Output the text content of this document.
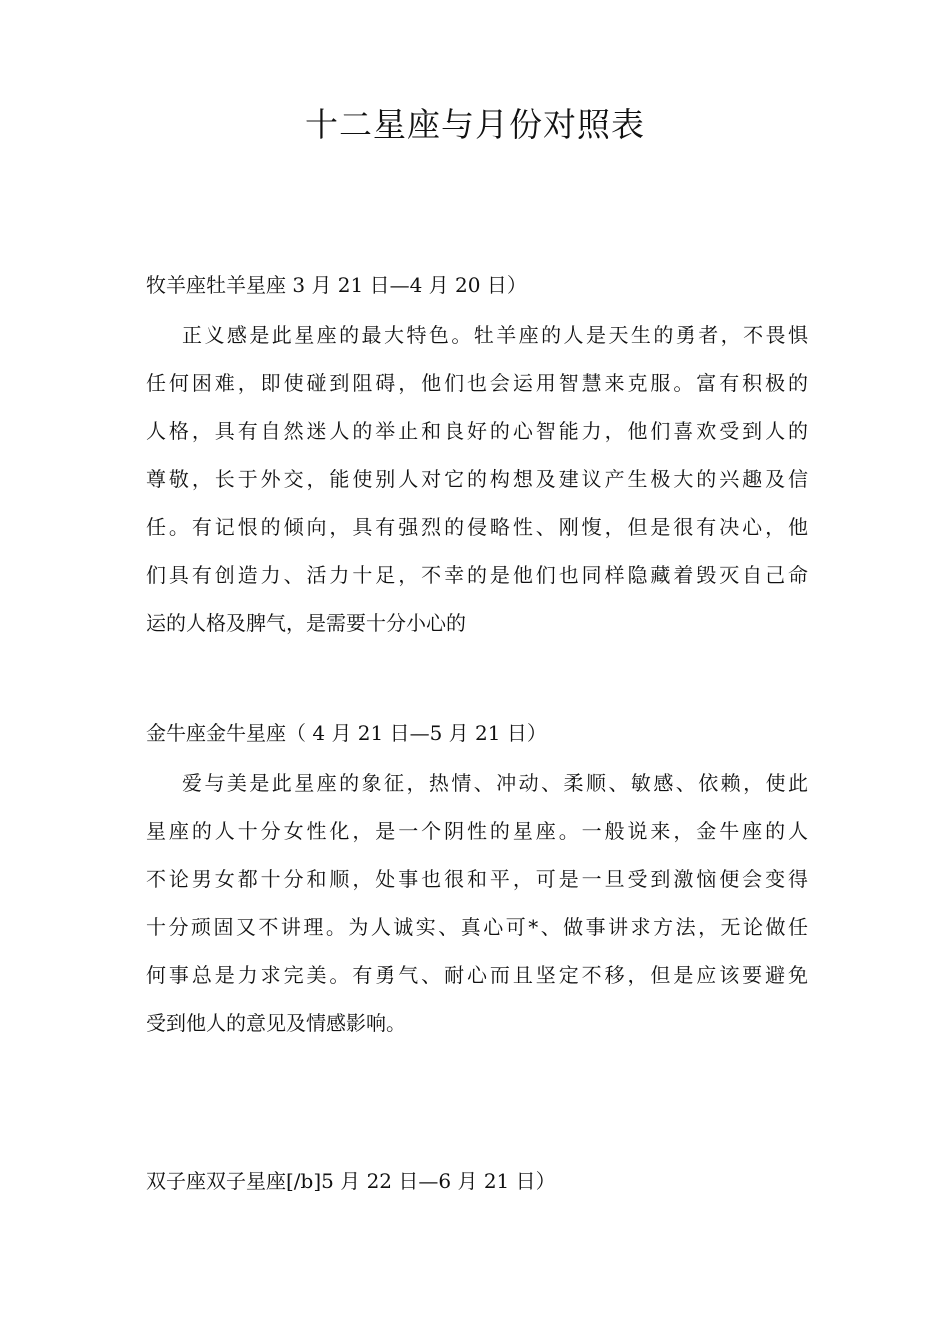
十二星座与月份对照表
牧羊座牡羊星座 3 月 21 日—4 月 20 日）
正义感是此星座的最大特色。牡羊座的人是天生的勇者，不畏惧
任何困难，即使碰到阻碍，他们也会运用智慧来克服。富有积极的
人格，具有自然迷人的举止和良好的心智能力，他们喜欢受到人的
尊敬，长于外交，能使别人对它的构想及建议产生极大的兴趣及信
任。有记恨的倾向，具有强烈的侵略性、刚愎，但是很有决心，他
们具有创造力、活力十足，不幸的是他们也同样隐藏着毁灭自己命
运的人格及脾气，是需要十分小心的
金牛座金牛星座（ 4 月 21 日—5 月 21 日）
爱与美是此星座的象征，热情、冲动、柔顺、敏感、依赖，使此
星座的人十分女性化，是一个阴性的星座。一般说来，金牛座的人
不论男女都十分和顺，处事也很和平，可是一旦受到激恼便会变得
十分顽固又不讲理。为人诚实、真心可*、做事讲求方法，无论做任
何事总是力求完美。有勇气、耐心而且坚定不移，但是应该要避免
受到他人的意见及情感影响。
双子座双子星座[/b]5 月 22 日—6 月 21 日）
